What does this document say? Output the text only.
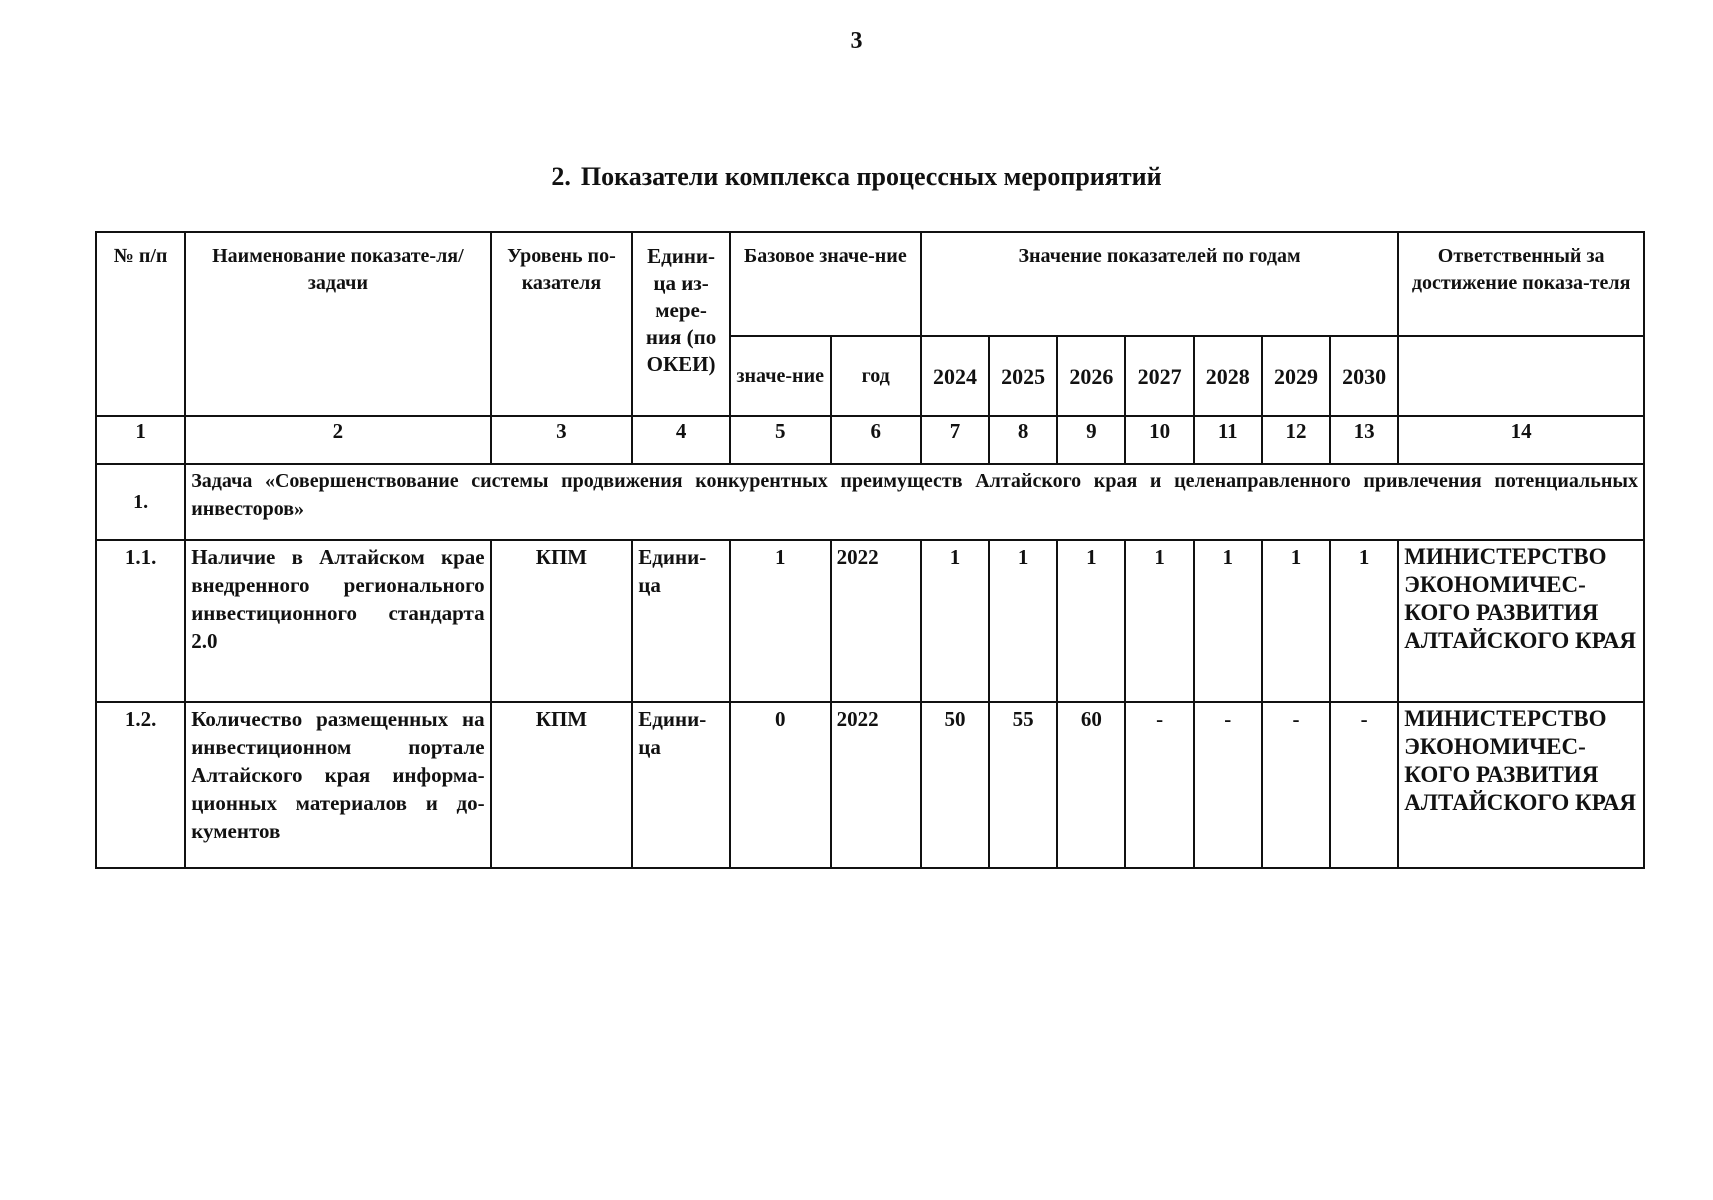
3
2. Показатели комплекса процессных мероприятий
№ п/п	Наименование показате-ля/задачи	Уровень по-казателя	Едини-ца из-мере-ния (по ОКЕИ)	Базовое значе-ние		Значение показателей по годам							Ответственный за достижение показа-теля
				значе-ние	год	2024	2025	2026	2027	2028	2029	2030	
1	2	3	4	5	6	7	8	9	10	11	12	13	14
1.	Задача «Совершенствование системы продвижения конкурентных преимуществ Алтайского края и целенаправленного привлечения потенциальных инвесторов»												
1.1.	Наличие в Алтайском крае внедренного регионального инвестиционного стандарта 2.0	КПМ	Едини-ца	1	2022	1	1	1	1	1	1	1	МИНИСТЕРСТВО ЭКОНОМИЧЕС-КОГО РАЗВИТИЯ АЛТАЙСКОГО КРАЯ
1.2.	Количество размещенных на инвестиционном портале Алтайского края информа-ционных материалов и до-кументов	КПМ	Едини-ца	0	2022	50	55	60	-	-	-	-	МИНИСТЕРСТВО ЭКОНОМИЧЕС-КОГО РАЗВИТИЯ АЛТАЙСКОГО КРАЯ
